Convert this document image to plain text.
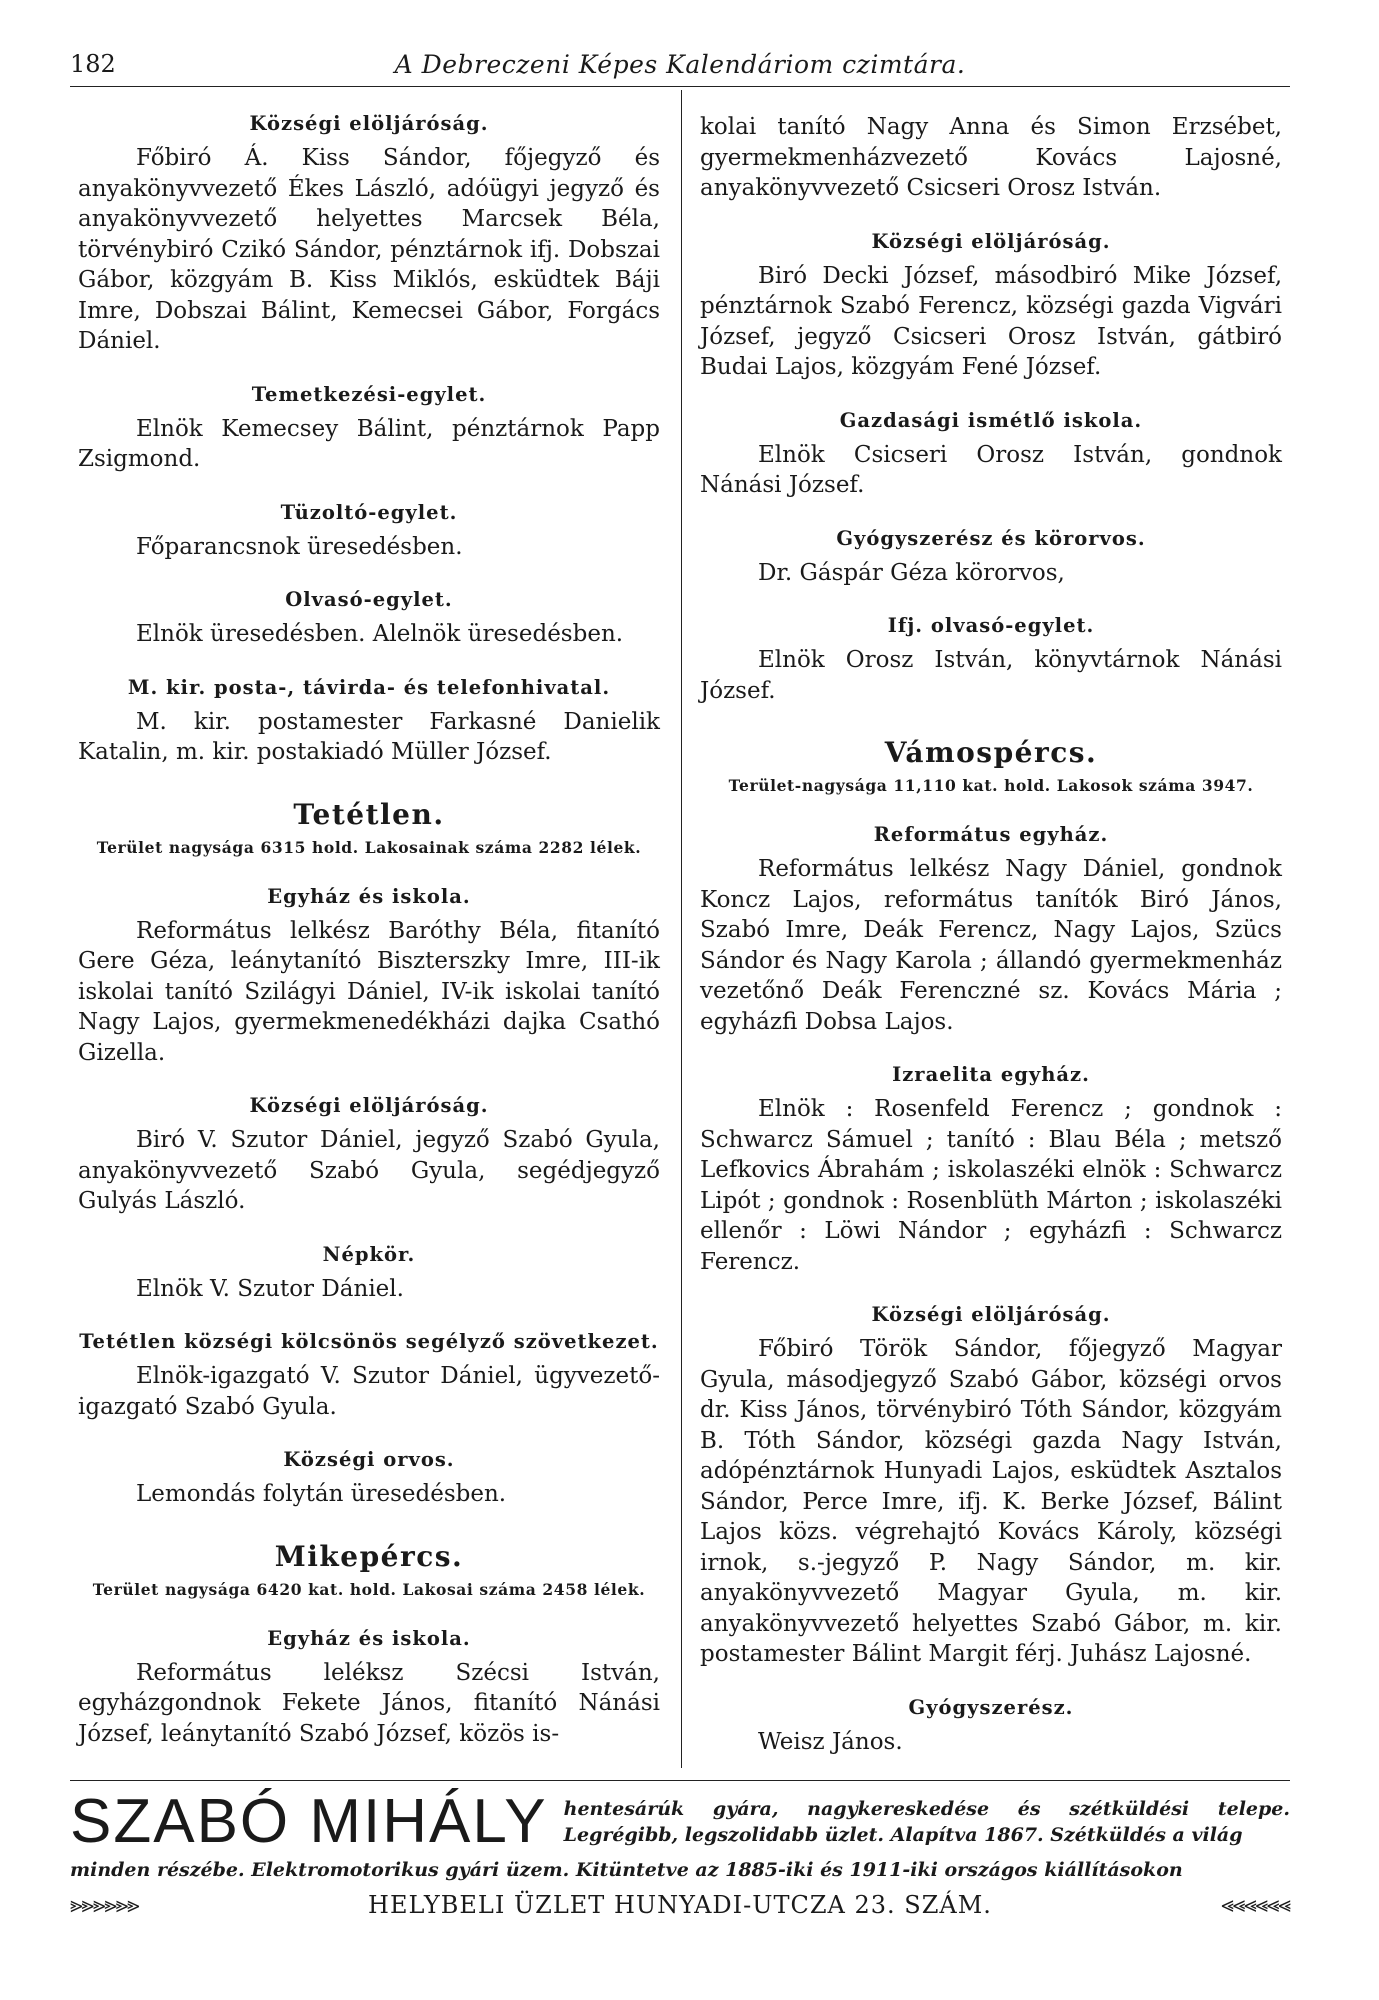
182	A Debreczeni Képes Kalendáriom czimtára.
Községi elöljáróság.

Főbiró Á. Kiss Sándor, főjegyző és anyakönyvvezető Ékes László, adóügyi jegyző és anyakönyvvezető helyettes Marcsek Béla, törvénybiró Czikó Sándor, pénztárnok ifj. Dobszai Gábor, közgyám B. Kiss Miklós, esküdtek Báji Imre, Dobszai Bálint, Kemecsei Gábor, Forgács Dániel.

Temetkezési-egylet.

Elnök Kemecsey Bálint, pénztárnok Papp Zsigmond.

Tüzoltó-egylet.

Főparancsnok üresedésben.

Olvasó-egylet.

Elnök üresedésben. Alelnök üresedésben.

M. kir. posta-, távirda- és telefonhivatal.

M. kir. postamester Farkasné Danielik Katalin, m. kir. postakiadó Müller József.

Tetétlen.
Terület nagysága 6315 hold. Lakosainak száma 2282 lélek.
Egyház és iskola.

Református lelkész Baróthy Béla, fitanító Gere Géza, leánytanító Biszterszky Imre, III-ik iskolai tanító Szilágyi Dániel, IV-ik iskolai tanító Nagy Lajos, gyermekmenedékházi dajka Csathó Gizella.

Községi elöljáróság.

Biró V. Szutor Dániel, jegyző Szabó Gyula, anyakönyvvezető Szabó Gyula, segédjegyző Gulyás László.

Népkör.

Elnök V. Szutor Dániel.

Tetétlen községi kölcsönös segélyző szövetkezet.

Elnök-igazgató V. Szutor Dániel, ügyvezető-igazgató Szabó Gyula.

Községi orvos.

Lemondás folytán üresedésben.

Mikepércs.
Terület nagysága 6420 kat. hold. Lakosai száma 2458 lélek.
Egyház és iskola.

Református leléksz Szécsi István, egyházgondnok Fekete János, fitanító Nánási József, leánytanító Szabó József, közös is-

kolai tanító Nagy Anna és Simon Erzsébet, gyermekmenházvezető Kovács Lajosné, anyakönyvvezető Csicseri Orosz István.

Községi elöljáróság.

Biró Decki József, másodbiró Mike József, pénztárnok Szabó Ferencz, községi gazda Vigvári József, jegyző Csicseri Orosz István, gátbiró Budai Lajos, közgyám Fené József.

Gazdasági ismétlő iskola.

Elnök Csicseri Orosz István, gondnok Nánási József.

Gyógyszerész és körorvos.

Dr. Gáspár Géza körorvos,

Ifj. olvasó-egylet.

Elnök Orosz István, könyvtárnok Nánási József.

Vámospércs.
Terület-nagysága 11,110 kat. hold. Lakosok száma 3947.
Református egyház.

Református lelkész Nagy Dániel, gondnok Koncz Lajos, református tanítók Biró János, Szabó Imre, Deák Ferencz, Nagy Lajos, Szücs Sándor és Nagy Karola ; állandó gyermekmenház vezetőnő Deák Ferenczné sz. Kovács Mária ; egyházfi Dobsa Lajos.

Izraelita egyház.

Elnök : Rosenfeld Ferencz ; gondnok : Schwarcz Sámuel ; tanító : Blau Béla ; metsző Lefkovics Ábrahám ; iskolaszéki elnök : Schwarcz Lipót ; gondnok : Rosenblüth Márton ; iskolaszéki ellenőr : Löwi Nándor ; egyházfi : Schwarcz Ferencz.

Községi elöljáróság.

Főbiró Török Sándor, főjegyző Magyar Gyula, másodjegyző Szabó Gábor, községi orvos dr. Kiss János, törvénybiró Tóth Sándor, közgyám B. Tóth Sándor, községi gazda Nagy István, adópénztárnok Hunyadi Lajos, esküdtek Asztalos Sándor, Perce Imre, ifj. K. Berke József, Bálint Lajos közs. végrehajtó Kovács Károly, községi irnok, s.-jegyző P. Nagy Sándor, m. kir. anyakönyvvezető Magyar Gyula, m. kir. anyakönyvvezető helyettes Szabó Gábor, m. kir. postamester Bálint Margit férj. Juhász Lajosné.

Gyógyszerész.

Weisz János.

SZABÓ MIHÁLY hentesárúk gyára, nagykereskedése és szétküldési telepe. Legrégibb, legszolidabb üzlet. Alapítva 1867. Szétküldés a világ
minden részébe. Elektromotorikus gyári üzem. Kitüntetve az 1885-iki és 1911-iki országos kiállításokon
⪢⪢⪢⪢⪢⪢	HELYBELI ÜZLET HUNYADI-UTCZA 23. SZÁM.	⪡⪡⪡⪡⪡⪡
